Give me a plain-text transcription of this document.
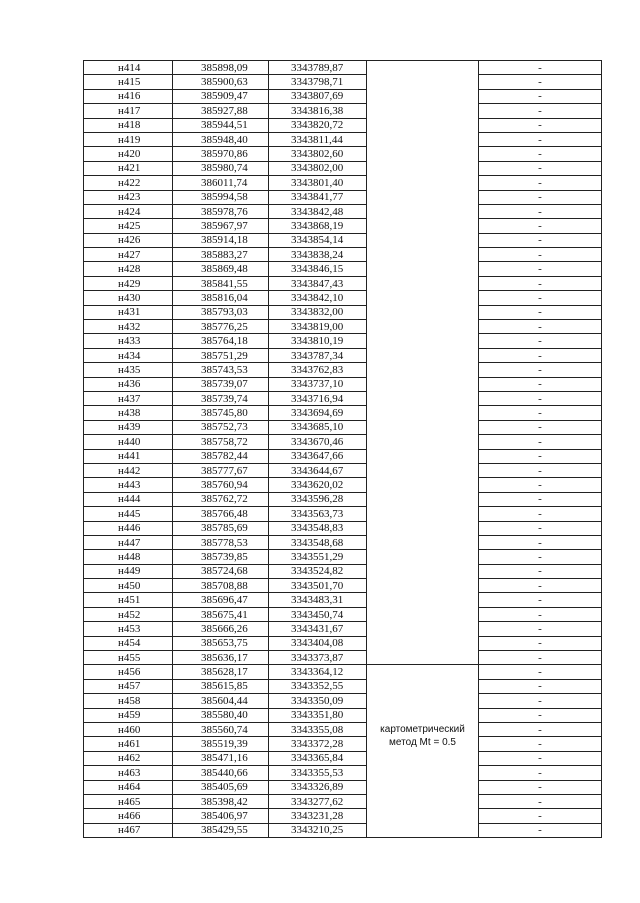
н414	385898,09	3343789,87		-
н415	385900,63	3343798,71		-
н416	385909,47	3343807,69		-
н417	385927,88	3343816,38		-
н418	385944,51	3343820,72		-
н419	385948,40	3343811,44		-
н420	385970,86	3343802,60		-
н421	385980,74	3343802,00		-
н422	386011,74	3343801,40		-
н423	385994,58	3343841,77		-
н424	385978,76	3343842,48		-
н425	385967,97	3343868,19		-
н426	385914,18	3343854,14		-
н427	385883,27	3343838,24		-
н428	385869,48	3343846,15		-
н429	385841,55	3343847,43		-
н430	385816,04	3343842,10		-
н431	385793,03	3343832,00		-
н432	385776,25	3343819,00		-
н433	385764,18	3343810,19		-
н434	385751,29	3343787,34		-
н435	385743,53	3343762,83		-
н436	385739,07	3343737,10		-
н437	385739,74	3343716,94		-
н438	385745,80	3343694,69		-
н439	385752,73	3343685,10		-
н440	385758,72	3343670,46		-
н441	385782,44	3343647,66		-
н442	385777,67	3343644,67		-
н443	385760,94	3343620,02		-
н444	385762,72	3343596,28		-
н445	385766,48	3343563,73		-
н446	385785,69	3343548,83		-
н447	385778,53	3343548,68		-
н448	385739,85	3343551,29		-
н449	385724,68	3343524,82		-
н450	385708,88	3343501,70		-
н451	385696,47	3343483,31		-
н452	385675,41	3343450,74		-
н453	385666,26	3343431,67		-
н454	385653,75	3343404,08		-
н455	385636,17	3343373,87		-
н456	385628,17	3343364,12	картометрический метод Mt = 0.5	-
н457	385615,85	3343352,55		-
н458	385604,44	3343350,09		-
н459	385580,40	3343351,80		-
н460	385560,74	3343355,08		-
н461	385519,39	3343372,28		-
н462	385471,16	3343365,84		-
н463	385440,66	3343355,53		-
н464	385405,69	3343326,89		-
н465	385398,42	3343277,62		-
н466	385406,97	3343231,28		-
н467	385429,55	3343210,25		-
